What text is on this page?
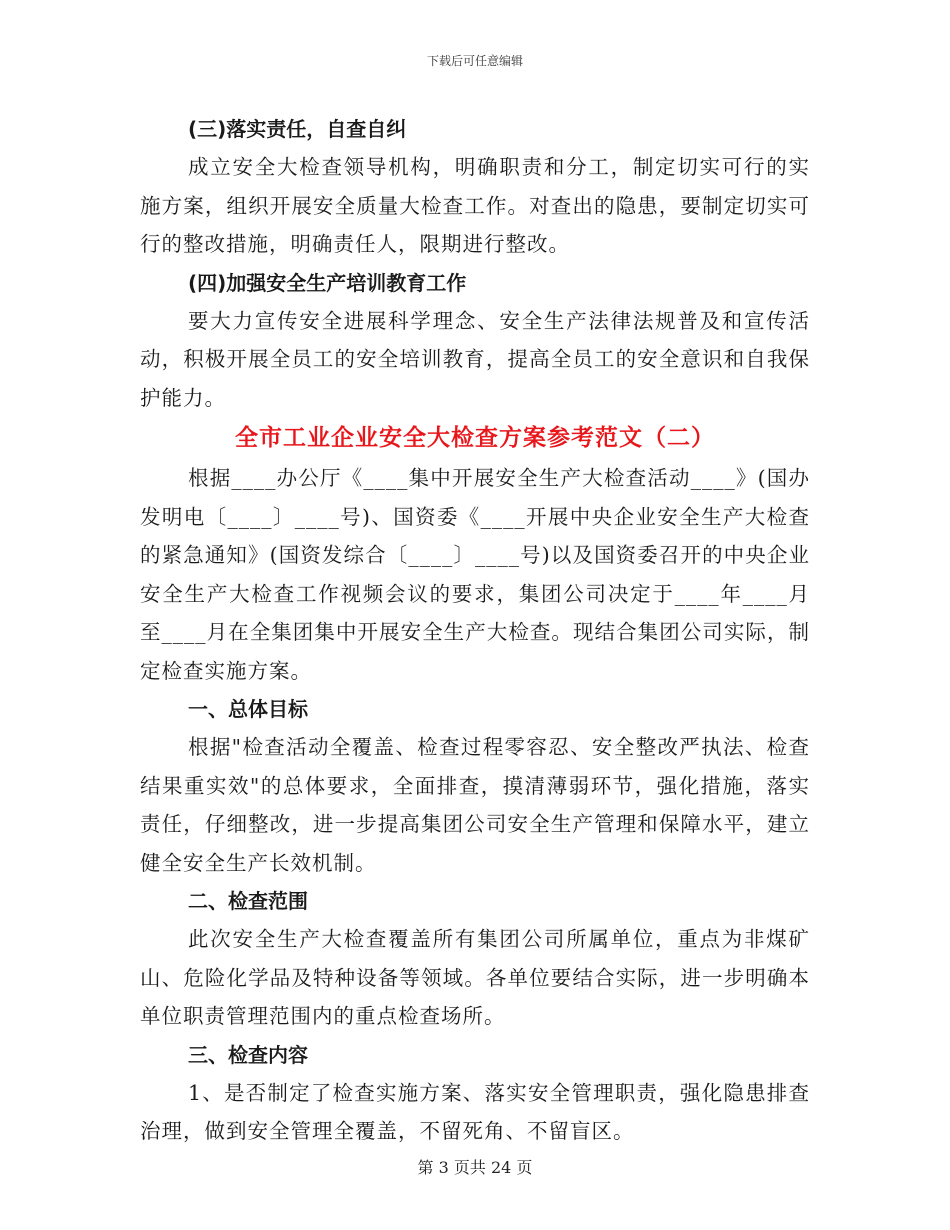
下载后可任意编辑

(三)落实责任，自查自纠

成立安全大检查领导机构，明确职责和分工，制定切实可行的实施方案，组织开展安全质量大检查工作。对查出的隐患，要制定切实可行的整改措施，明确责任人，限期进行整改。

(四)加强安全生产培训教育工作

要大力宣传安全进展科学理念、安全生产法律法规普及和宣传活动，积极开展全员工的安全培训教育，提高全员工的安全意识和自我保护能力。

全市工业企业安全大检查方案参考范文（二）

根据____办公厅《____集中开展安全生产大检查活动____》(国办发明电〔____〕____号)、国资委《____开展中央企业安全生产大检查的紧急通知》(国资发综合〔____〕____号)以及国资委召开的中央企业安全生产大检查工作视频会议的要求，集团公司决定于____年____月至____月在全集团集中开展安全生产大检查。现结合集团公司实际，制定检查实施方案。

一、总体目标

根据"检查活动全覆盖、检查过程零容忍、安全整改严执法、检查结果重实效"的总体要求，全面排查，摸清薄弱环节，强化措施，落实责任，仔细整改，进一步提高集团公司安全生产管理和保障水平，建立健全安全生产长效机制。

二、检查范围

此次安全生产大检查覆盖所有集团公司所属单位，重点为非煤矿山、危险化学品及特种设备等领域。各单位要结合实际，进一步明确本单位职责管理范围内的重点检查场所。

三、检查内容

1、是否制定了检查实施方案、落实安全管理职责，强化隐患排查治理，做到安全管理全覆盖，不留死角、不留盲区。

第 3 页共 24 页
